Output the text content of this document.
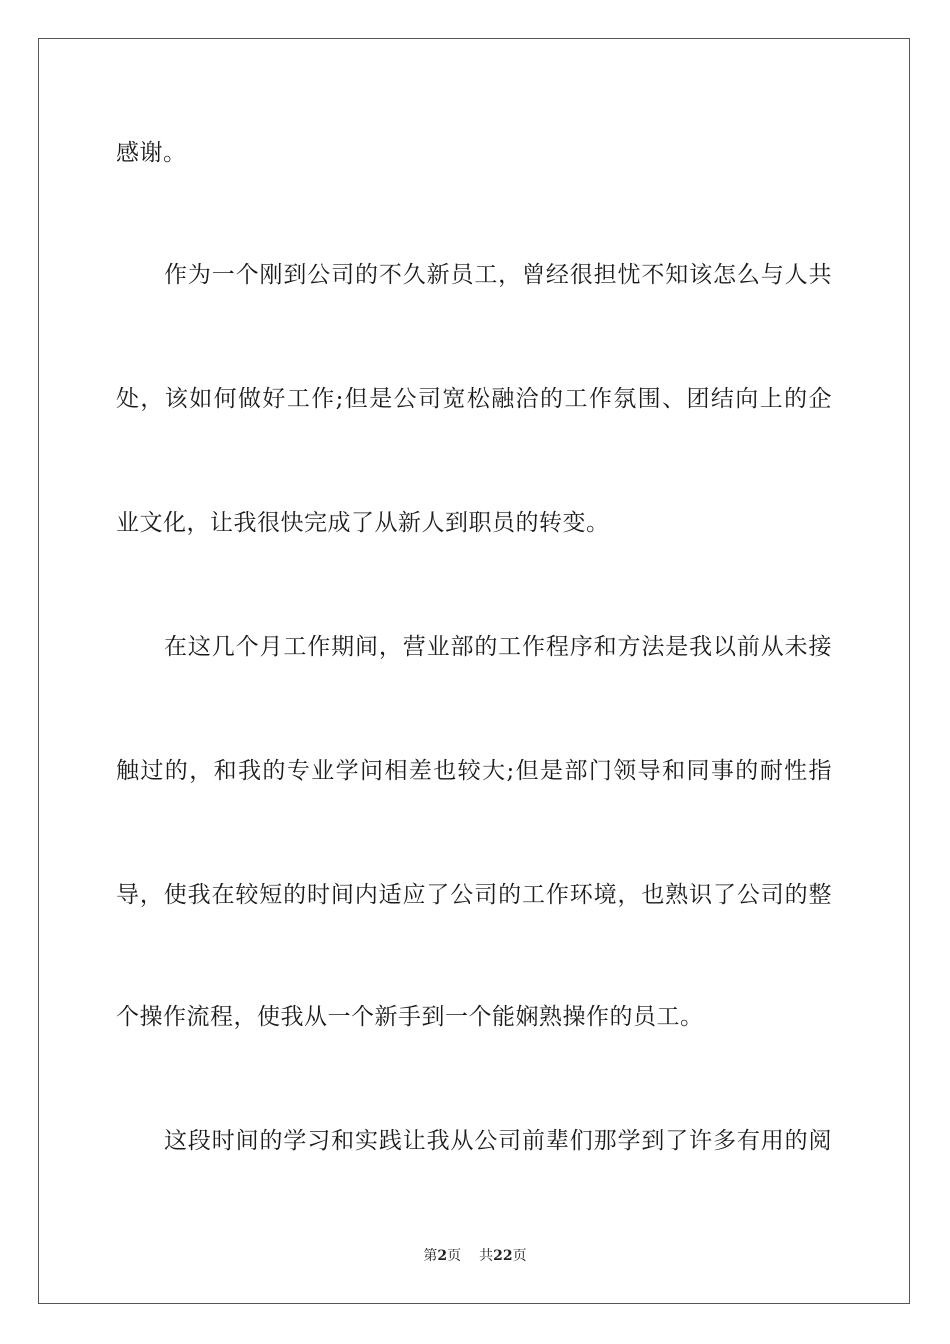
感谢。
作为一个刚到公司的不久新员工，曾经很担忧不知该怎么与人共
处，该如何做好工作;但是公司宽松融洽的工作氛围、团结向上的企
业文化，让我很快完成了从新人到职员的转变。
在这几个月工作期间，营业部的工作程序和方法是我以前从未接
触过的，和我的专业学问相差也较大;但是部门领导和同事的耐性指
导，使我在较短的时间内适应了公司的工作环境，也熟识了公司的整
个操作流程，使我从一个新手到一个能娴熟操作的员工。
这段时间的学习和实践让我从公司前辈们那学到了许多有用的阅
第2页 共22页
